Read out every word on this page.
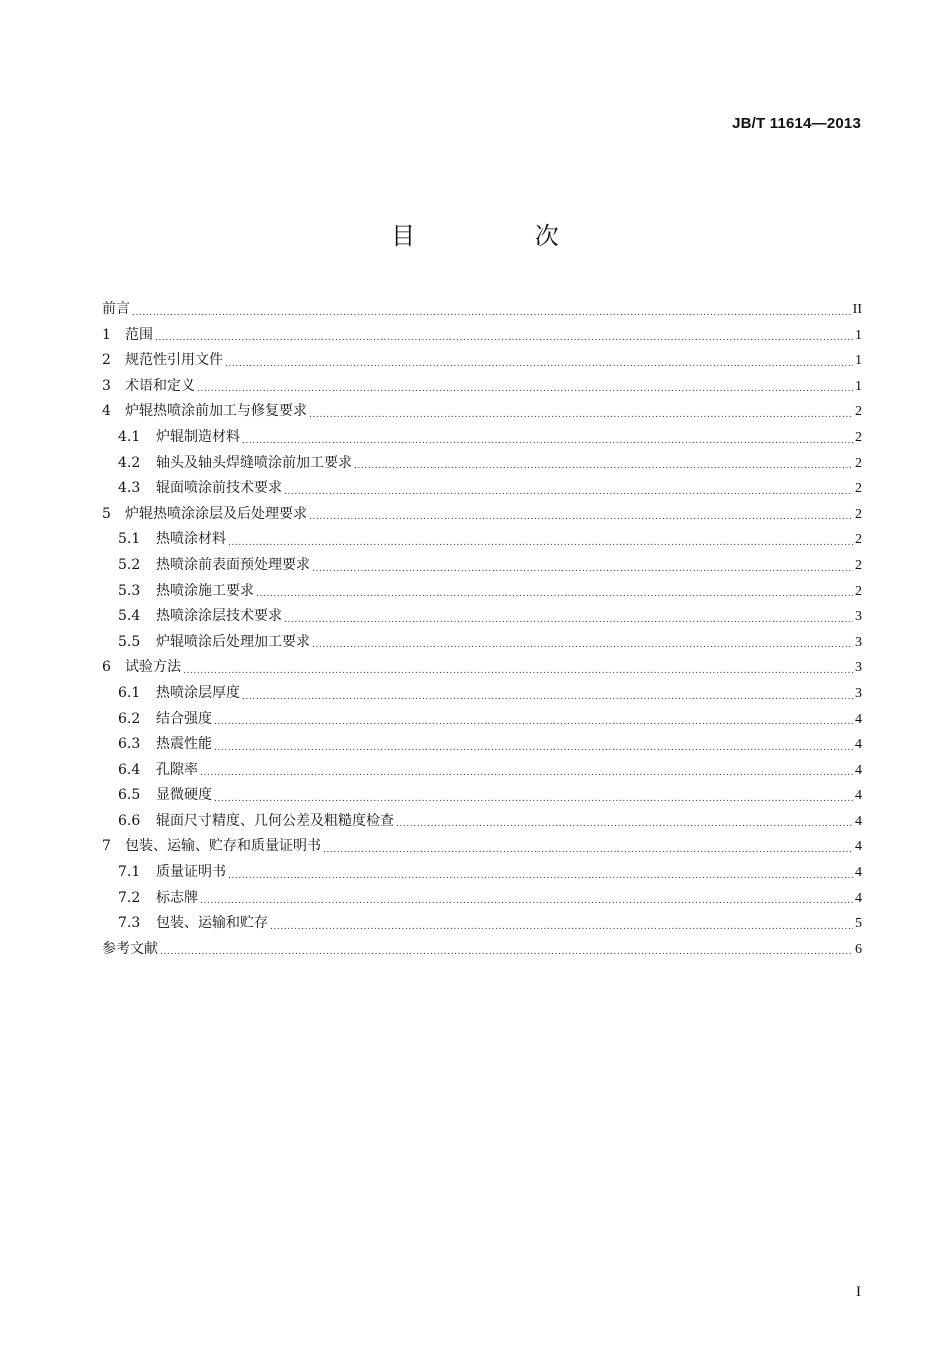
JB/T 11614—2013
目 次
前言 .....	II
1	范围 .....	1
2	规范性引用文件 .....	1
3	术语和定义 .....	1
4	炉辊热喷涂前加工与修复要求 .....	2
4.1	炉辊制造材料 .....	2
4.2	轴头及轴头焊缝喷涂前加工要求 .....	2
4.3	辊面喷涂前技术要求 .....	2
5	炉辊热喷涂涂层及后处理要求 .....	2
5.1	热喷涂材料 .....	2
5.2	热喷涂前表面预处理要求 .....	2
5.3	热喷涂施工要求 .....	2
5.4	热喷涂涂层技术要求 .....	3
5.5	炉辊喷涂后处理加工要求 .....	3
6	试验方法 .....	3
6.1	热喷涂层厚度 .....	3
6.2	结合强度 .....	4
6.3	热震性能 .....	4
6.4	孔隙率 .....	4
6.5	显微硬度 .....	4
6.6	辊面尺寸精度、几何公差及粗糙度检查 .....	4
7	包装、运输、贮存和质量证明书 .....	4
7.1	质量证明书 .....	4
7.2	标志牌 .....	4
7.3	包装、运输和贮存 .....	5
参考文献 .....	6
I
